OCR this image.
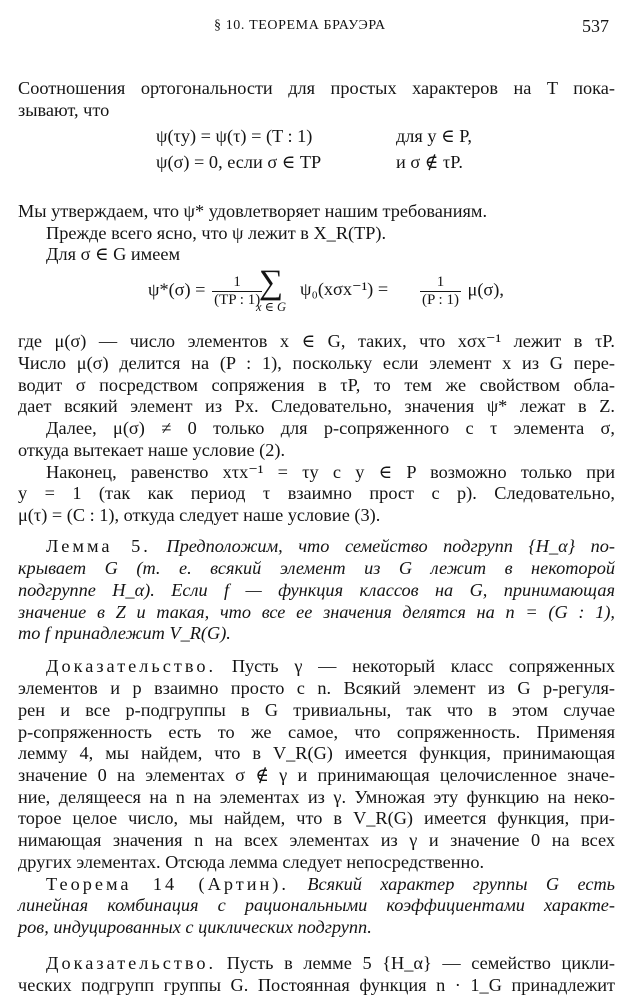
§ 10. ТЕОРЕМА БРАУЭРА	537
Соотношения ортогональности для простых характеров на T пока-
зывают, что
ψ(τy) = ψ(τ) = (T : 1)	для y ∈ P,
ψ(σ) = 0, если σ ∈ TP	и σ ∉ τP.
Мы утверждаем, что ψ* удовлетворяет нашим требованиям.
Прежде всего ясно, что ψ лежит в X_R(TP).
Для σ ∈ G имеем
$\psi*(\sigma) = \frac{1}{(TP : 1)}$
∑
x ∈ G
$\psi_0(x\sigma x^{-1}) = \frac{1}{(P : 1)} \mu(\sigma)$,
где μ(σ) — число элементов x ∈ G, таких, что xσx⁻¹ лежит в τP.
Число μ(σ) делится на (P : 1), поскольку если элемент x из G пере-
водит σ посредством сопряжения в τP, то тем же свойством обла-
дает всякий элемент из Px. Следовательно, значения ψ* лежат в Z.
Далее, μ(σ) ≠ 0 только для p-сопряженного с τ элемента σ,
откуда вытекает наше условие (2).
Наконец, равенство xτx⁻¹ = τy с y ∈ P возможно только при
y = 1 (так как период τ взаимно прост с p). Следовательно,
μ(τ) = (C : 1), откуда следует наше условие (3).
Лемма 5. Предположим, что семейство подгрупп {H_α} по-
крывает G (т. е. всякий элемент из G лежит в некоторой
подгруппе H_α). Если f — функция классов на G, принимающая
значение в Z и такая, что все ее значения делятся на n = (G : 1),
то f принадлежит V_R(G).
Доказательство. Пусть γ — некоторый класс сопряженных
элементов и p взаимно просто с n. Всякий элемент из G p-регуля-
рен и все p-подгруппы в G тривиальны, так что в этом случае
p-сопряженность есть то же самое, что сопряженность. Применяя
лемму 4, мы найдем, что в V_R(G) имеется функция, принимающая
значение 0 на элементах σ ∉ γ и принимающая целочисленное значе-
ние, делящееся на n на элементах из γ. Умножая эту функцию на неко-
торое целое число, мы найдем, что в V_R(G) имеется функция, при-
нимающая значения n на всех элементах из γ и значение 0 на всех
других элементах. Отсюда лемма следует непосредственно.
Теорема 14 (Артин). Всякий характер группы G есть
линейная комбинация с рациональными коэффициентами характе-
ров, индуцированных с циклических подгрупп.
Доказательство. Пусть в лемме 5 {H_α} — семейство цикли-
ческих подгрупп группы G. Постоянная функция n · 1_G принадлежит
